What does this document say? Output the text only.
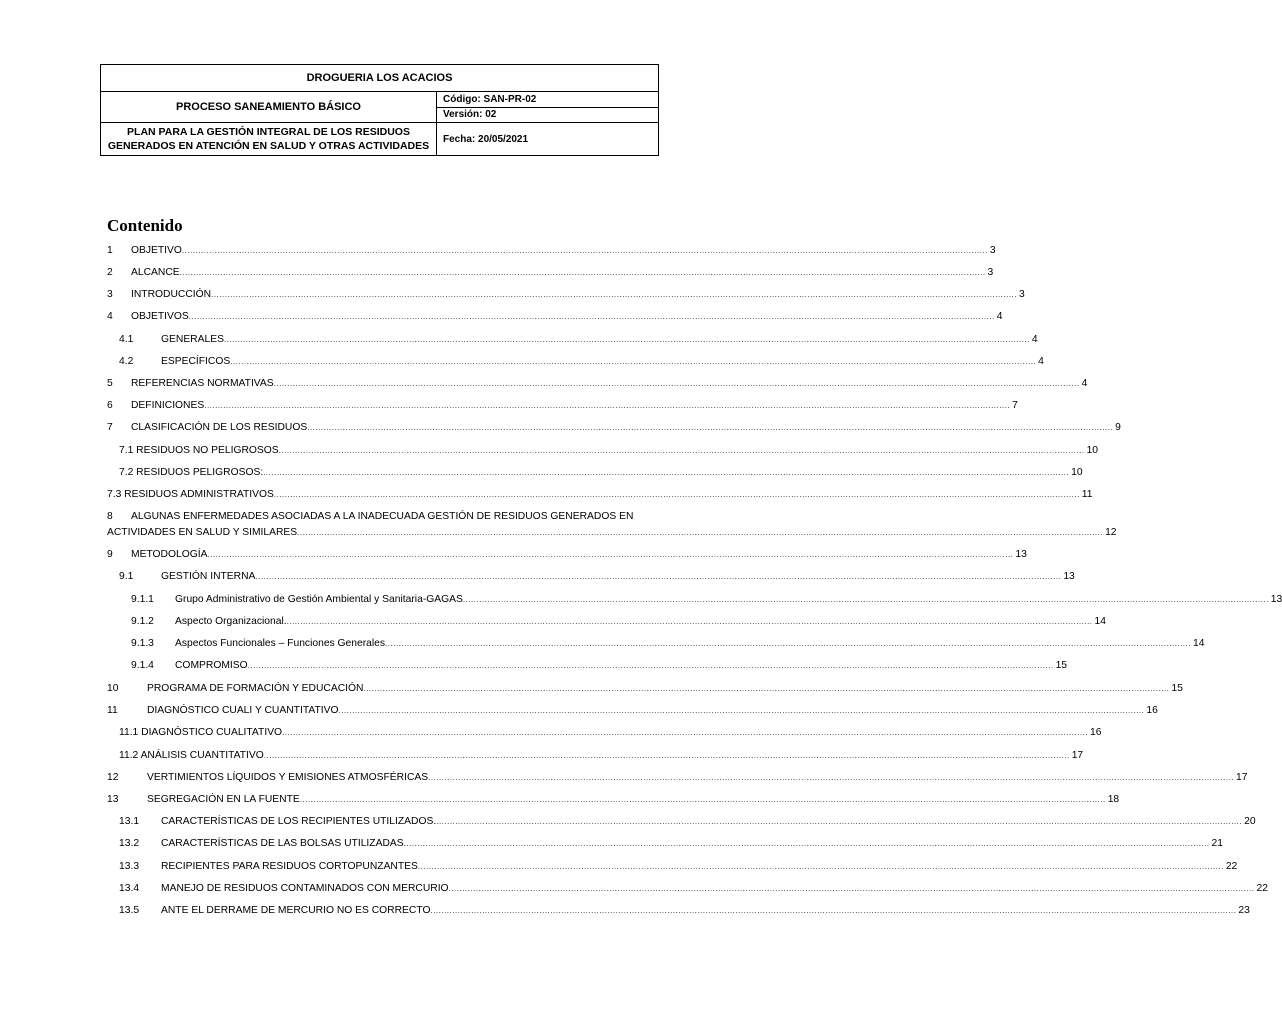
DROGUERIA LOS ACACIOS	
PROCESO SANEAMIENTO BÁSICO	Código: SAN-PR-02
	Versión: 02

PLAN PARA LA GESTIÓN INTEGRAL DE LOS RESIDUOS
GENERADOS EN ATENCIÓN EN SALUD Y OTRAS ACTIVIDADES	Fecha: 20/05/2021
Contenido
1	OBJETIVO .....	3
2	ALCANCE .....	3
3	INTRODUCCIÓN .....	3
4	OBJETIVOS .....	4
4.1	GENERALES .....	4
4.2	ESPECÍFICOS .....	4
5	REFERENCIAS NORMATIVAS .....	4
6	DEFINICIONES .....	7
7	CLASIFICACIÓN DE LOS RESIDUOS .....	9
7.1 RESIDUOS NO PELIGROSOS .....	10
7.2 RESIDUOS PELIGROSOS: .....	10
7.3 RESIDUOS ADMINISTRATIVOS .....	11
8 ALGUNAS ENFERMEDADES ASOCIADAS A LA INADECUADA GESTIÓN DE RESIDUOS GENERADOS EN
ACTIVIDADES EN SALUD Y SIMILARES .....	12
9	METODOLOGÍA .....	13
9.1	GESTIÓN INTERNA .....	13
9.1.1	Grupo Administrativo de Gestión Ambiental y Sanitaria-GAGAS .....	13
9.1.2	Aspecto Organizacional. .....	14
9.1.3	Aspectos Funcionales – Funciones Generales .....	14
9.1.4	COMPROMISO .....	15
10	PROGRAMA DE FORMACIÓN Y EDUCACIÓN .....	15
11	DIAGNÓSTICO CUALI Y CUANTITATIVO .....	16
11.1 DIAGNÓSTICO CUALITATIVO .....	16
11.2 ANÁLISIS CUANTITATIVO .....	17
12	VERTIMIENTOS LÍQUIDOS Y EMISIONES ATMOSFÉRICAS .....	17
13	SEGREGACIÓN EN LA FUENTE .....	18
13.1	CARACTERÍSTICAS DE LOS RECIPIENTES UTILIZADOS. .....	20
13.2	CARACTERÍSTICAS DE LAS BOLSAS UTILIZADAS .....	21
13.3	RECIPIENTES PARA RESIDUOS CORTOPUNZANTES .....	22
13.4	MANEJO DE RESIDUOS CONTAMINADOS CON MERCURIO .....	22
13.5	ANTE EL DERRAME DE MERCURIO NO ES CORRECTO .....	23
